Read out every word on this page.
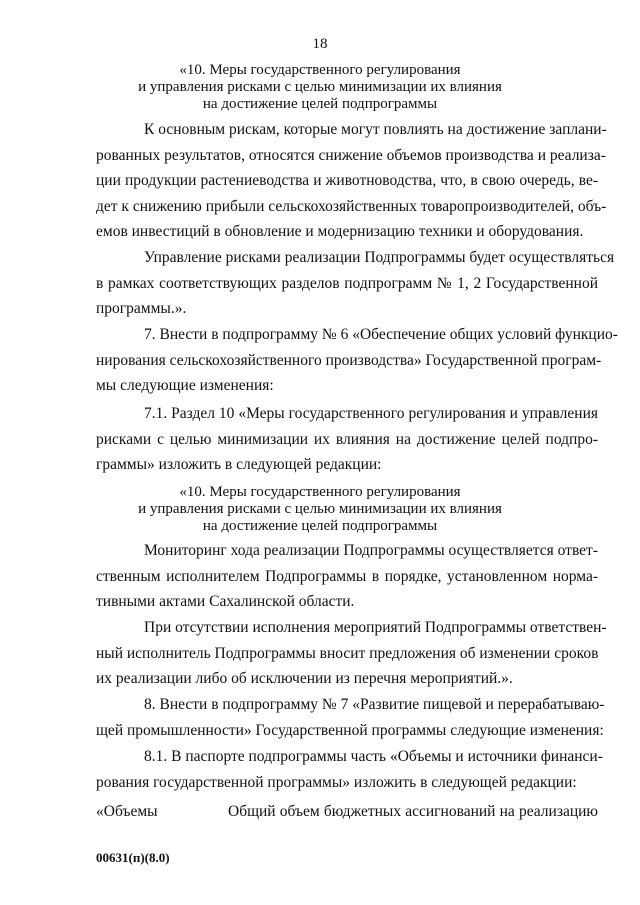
18
«10. Меры государственного регулирования
и управления рисками с целью минимизации их влияния
на достижение целей подпрограммы
К основным рискам, которые могут повлиять на достижение заплани-
рованных результатов, относятся снижение объемов производства и реализа-
ции продукции растениеводства и животноводства, что, в свою очередь, ве-
дет к снижению прибыли сельскохозяйственных товаропроизводителей, объ-
емов инвестиций в обновление и модернизацию техники и оборудования.
Управление рисками реализации Подпрограммы будет осуществляться
в рамках соответствующих разделов подпрограмм № 1, 2 Государственной
программы.».
7. Внести в подпрограмму № 6 «Обеспечение общих условий функцио-
нирования сельскохозяйственного производства» Государственной програм-
мы следующие изменения:
7.1. Раздел 10 «Меры государственного регулирования и управления
рисками с целью минимизации их влияния на достижение целей подпро-
граммы» изложить в следующей редакции:
«10. Меры государственного регулирования
и управления рисками с целью минимизации их влияния
на достижение целей подпрограммы
Мониторинг хода реализации Подпрограммы осуществляется ответ-
ственным исполнителем Подпрограммы в порядке, установленном норма-
тивными актами Сахалинской области.
При отсутствии исполнения мероприятий Подпрограммы ответствен-
ный исполнитель Подпрограммы вносит предложения об изменении сроков
их реализации либо об исключении из перечня мероприятий.».
8. Внести в подпрограмму № 7 «Развитие пищевой и перерабатываю-
щей промышленности» Государственной программы следующие изменения:
8.1. В паспорте подпрограммы часть «Объемы и источники финанси-
рования государственной программы» изложить в следующей редакции:
«Объемы	Общий объем бюджетных ассигнований на реализацию
00631(п)(8.0)
